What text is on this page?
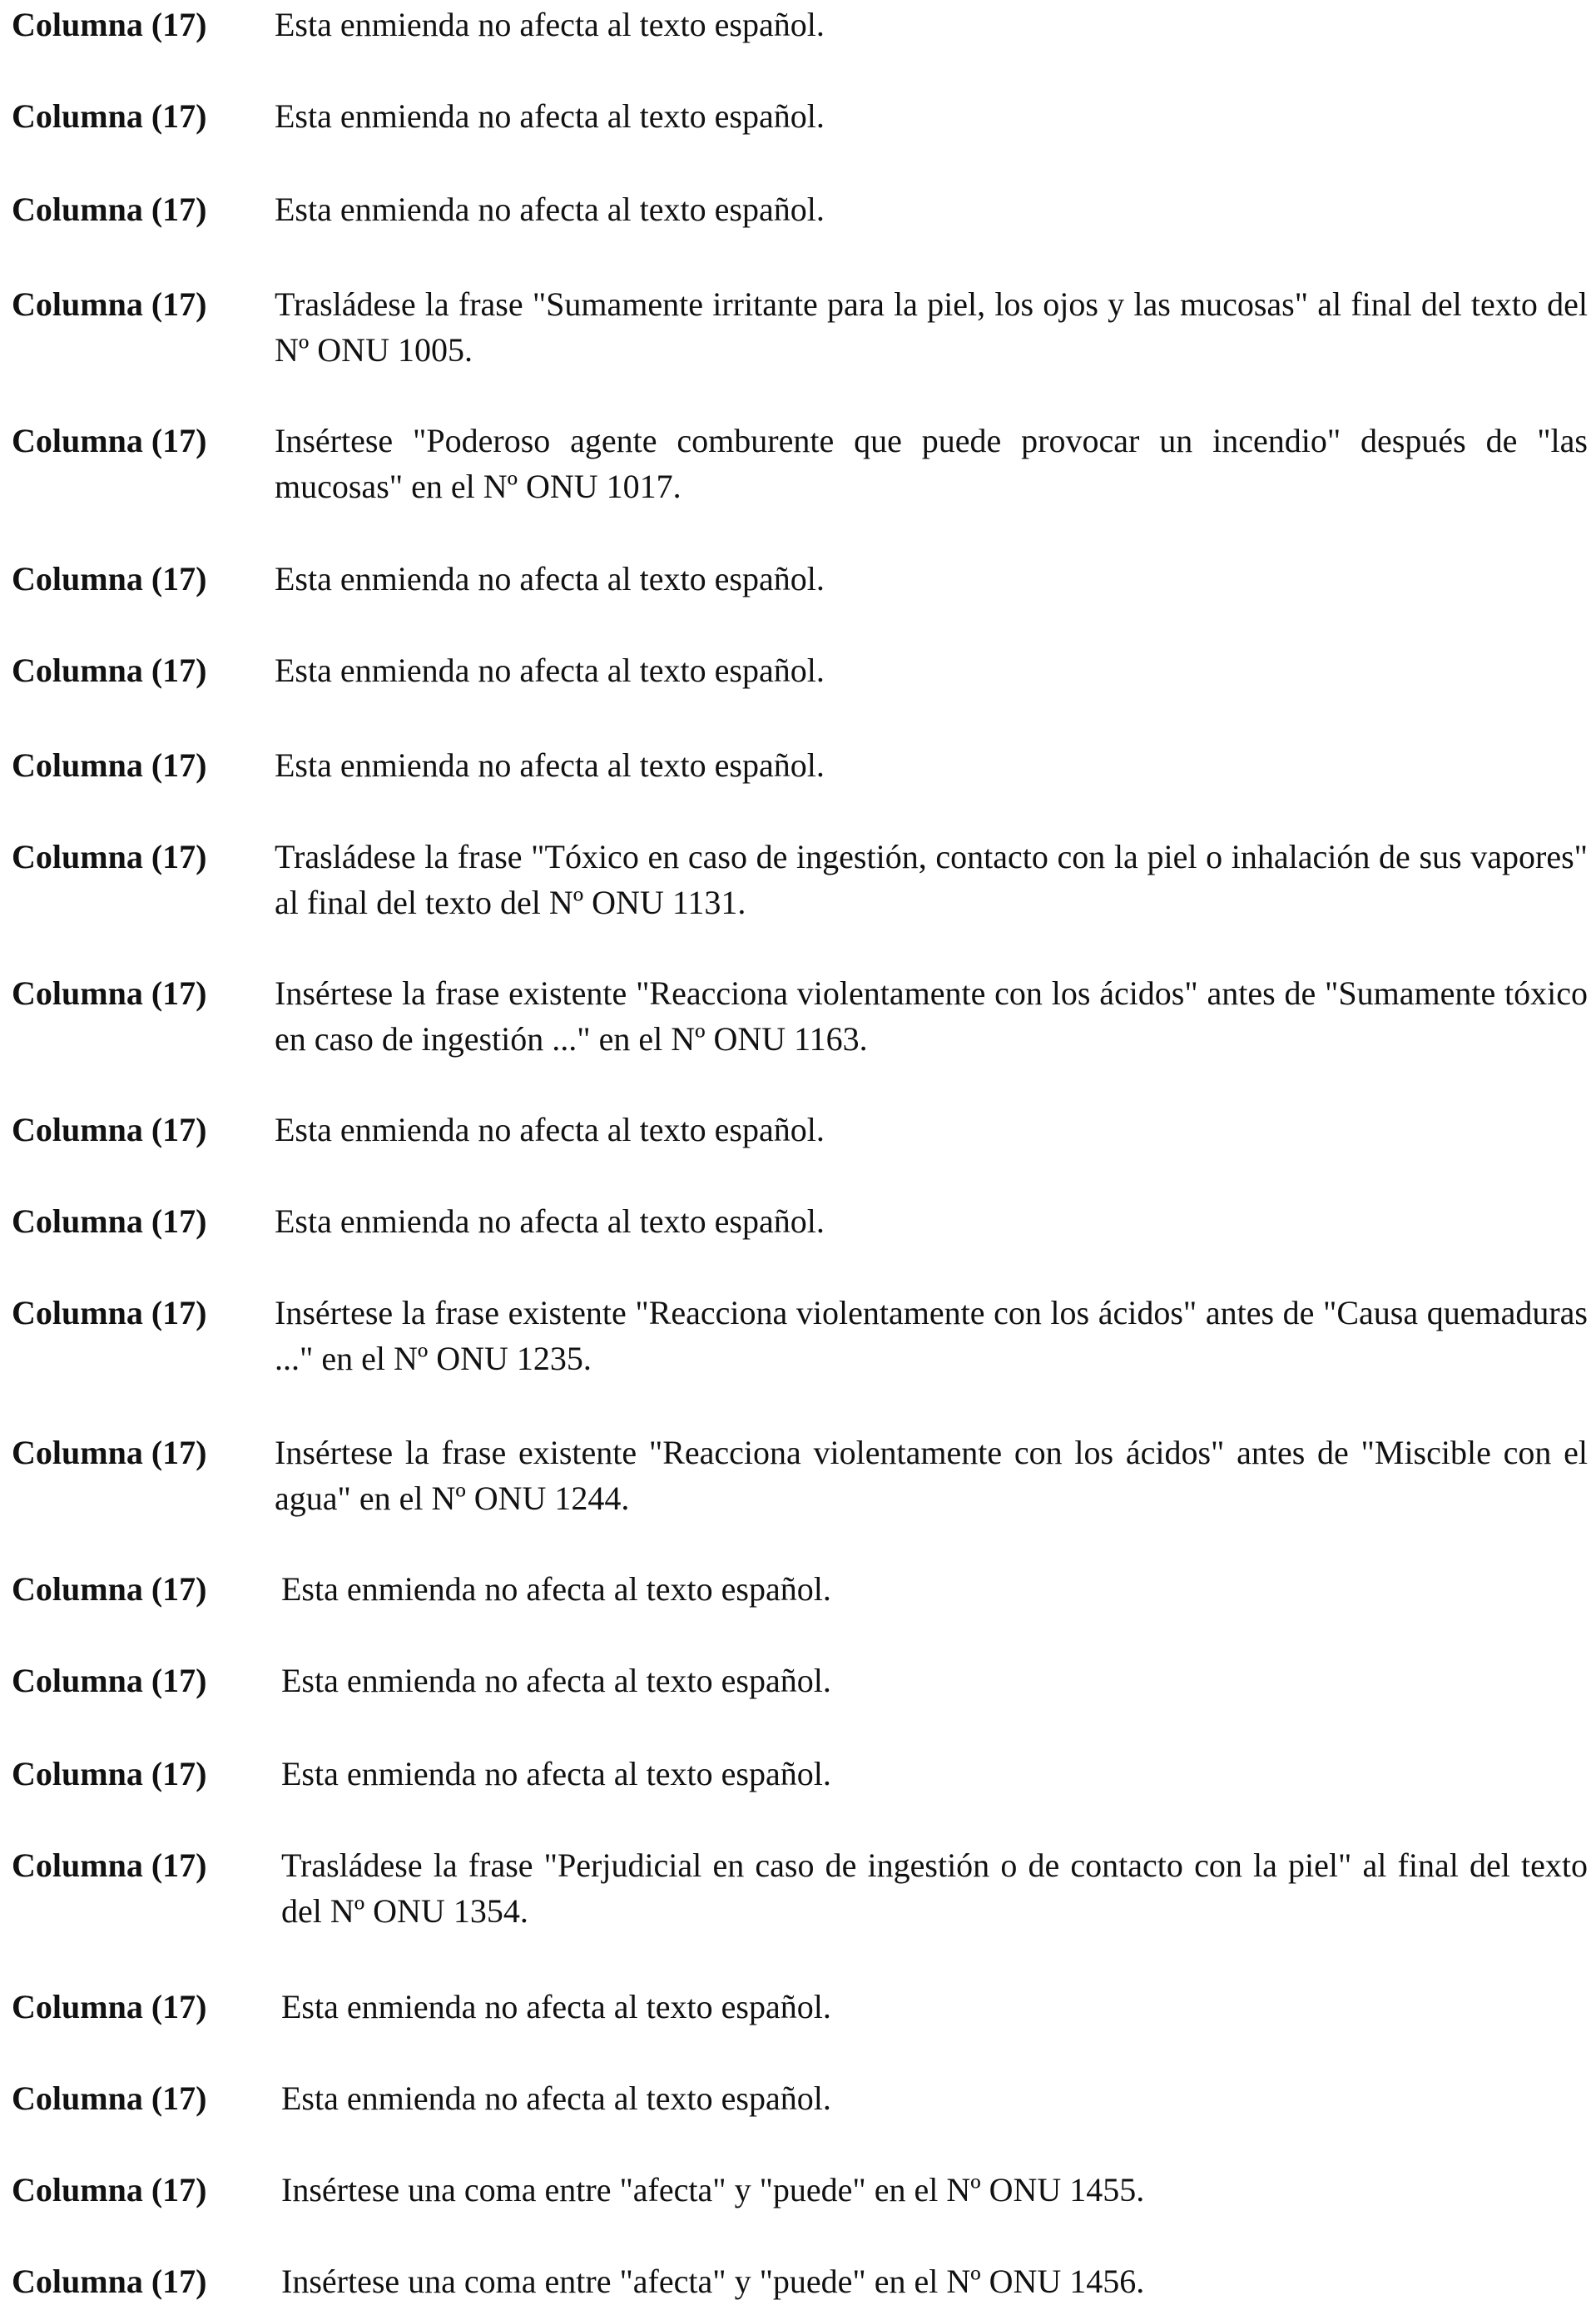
Columna (17)	Esta enmienda no afecta al texto español.
Columna (17)	Esta enmienda no afecta al texto español.
Columna (17)	Esta enmienda no afecta al texto español.
Columna (17)	Trasládese la frase "Sumamente irritante para la piel, los ojos y las mucosas" al final del texto del Nº ONU 1005.
Columna (17)	Insértese "Poderoso agente comburente que puede provocar un incendio" después de "las mucosas" en el Nº ONU 1017.
Columna (17)	Esta enmienda no afecta al texto español.
Columna (17)	Esta enmienda no afecta al texto español.
Columna (17)	Esta enmienda no afecta al texto español.
Columna (17)	Trasládese la frase "Tóxico en caso de ingestión, contacto con la piel o inhalación de sus vapores" al final del texto del Nº ONU 1131.
Columna (17)	Insértese la frase existente "Reacciona violentamente con los ácidos" antes de "Sumamente tóxico en caso de ingestión ..." en el Nº ONU 1163.
Columna (17)	Esta enmienda no afecta al texto español.
Columna (17)	Esta enmienda no afecta al texto español.
Columna (17)	Insértese la frase existente "Reacciona violentamente con los ácidos" antes de "Causa quemaduras ..." en el Nº ONU 1235.
Columna (17)	Insértese la frase existente "Reacciona violentamente con los ácidos" antes de "Miscible con el agua" en el Nº ONU 1244.
Columna (17)	Esta enmienda no afecta al texto español.
Columna (17)	Esta enmienda no afecta al texto español.
Columna (17)	Esta enmienda no afecta al texto español.
Columna (17)	Trasládese la frase "Perjudicial en caso de ingestión o de contacto con la piel" al final del texto del Nº ONU 1354.
Columna (17)	Esta enmienda no afecta al texto español.
Columna (17)	Esta enmienda no afecta al texto español.
Columna (17)	Insértese una coma entre "afecta" y "puede" en el Nº ONU 1455.
Columna (17)	Insértese una coma entre "afecta" y "puede" en el Nº ONU 1456.
